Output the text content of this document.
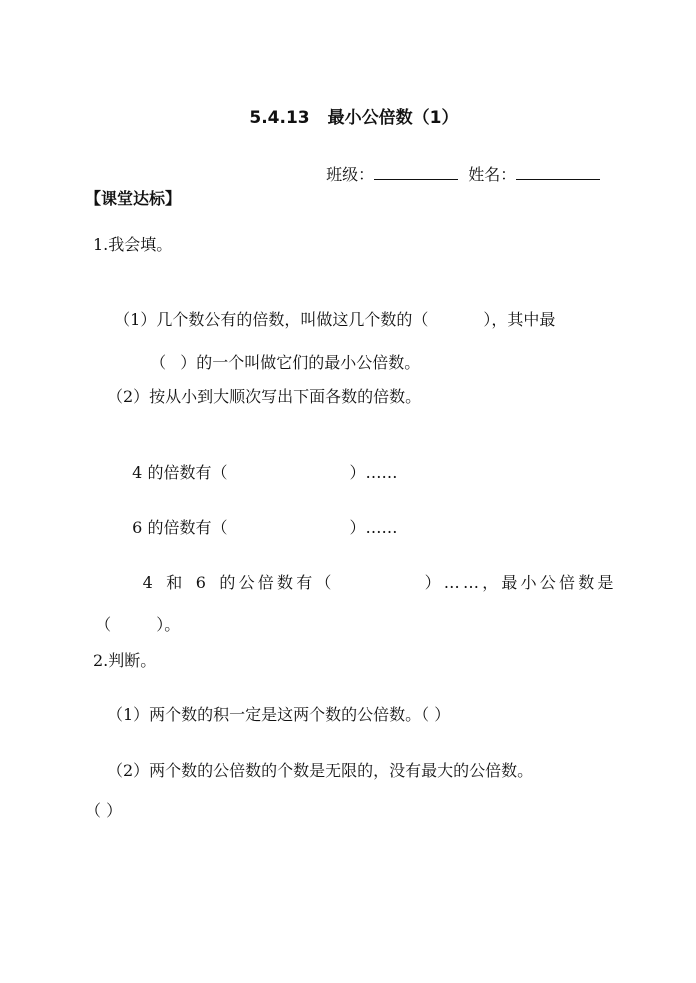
5.4.13 最小公倍数（1）

班级：	姓名：

【课堂达标】
1.我会填。

（1）几个数公有的倍数，叫做这几个数的（	），其中最

（ ）的一个叫做它们的最小公倍数。

（2）按从小到大顺次写出下面各数的倍数。

4 的倍数有（	）……

6 的倍数有（	）……

4 和 6 的公倍数有（	）……，最小公倍数是

（	）。

2.判断。
（1）两个数的积一定是这两个数的公倍数。（ ）
（2）两个数的公倍数的个数是无限的，没有最大的公倍数。
（ ）
